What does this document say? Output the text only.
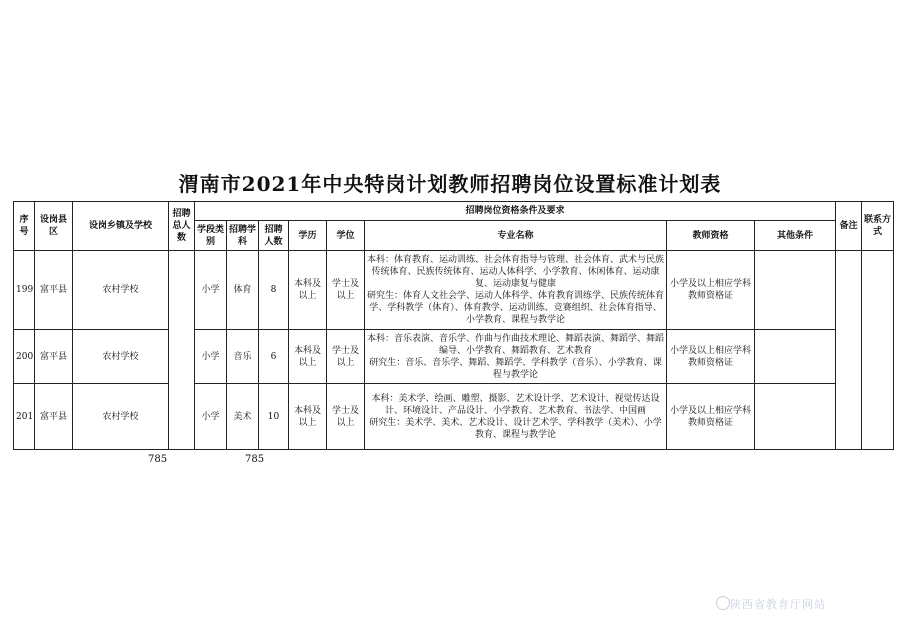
渭南市2021年中央特岗计划教师招聘岗位设置标准计划表
序号	设岗县区	设岗乡镇及学校	招聘总人数	招聘岗位资格条件及要求								备注	联系方式
				学段类别	招聘学科	招聘人数	学历	学位	专业名称	教师资格	其他条件		
199	富平县	农村学校		小学	体育	8	本科及以上	学士及以上	本科：体育教育、运动训练、社会体育指导与管理、社会体育、武术与民族传统体育、民族传统体育、运动人体科学、小学教育、休闲体育、运动康复、运动康复与健康
研究生：体育人文社会学、运动人体科学、体育教育训练学、民族传统体育学、学科教学（体育）、体育教学、运动训练、竞赛组织、社会体育指导、小学教育、课程与教学论	小学及以上相应学科教师资格证			
200	富平县	农村学校		小学	音乐	6	本科及以上	学士及以上	本科：音乐表演、音乐学、作曲与作曲技术理论、舞蹈表演、舞蹈学、舞蹈编导、小学教育、舞蹈教育、艺术教育
研究生：音乐、音乐学、舞蹈、舞蹈学、学科教学（音乐）、小学教育、课程与教学论	小学及以上相应学科教师资格证			
201	富平县	农村学校		小学	美术	10	本科及以上	学士及以上	本科：美术学、绘画、雕塑、摄影、艺术设计学、艺术设计、视觉传达设计、环境设计、产品设计、小学教育、艺术教育、书法学、中国画
研究生：美术学、美术、艺术设计、设计艺术学、学科教学（美术）、小学教育、课程与教学论	小学及以上相应学科教师资格证			
785	785
陕西省教育厅网站
